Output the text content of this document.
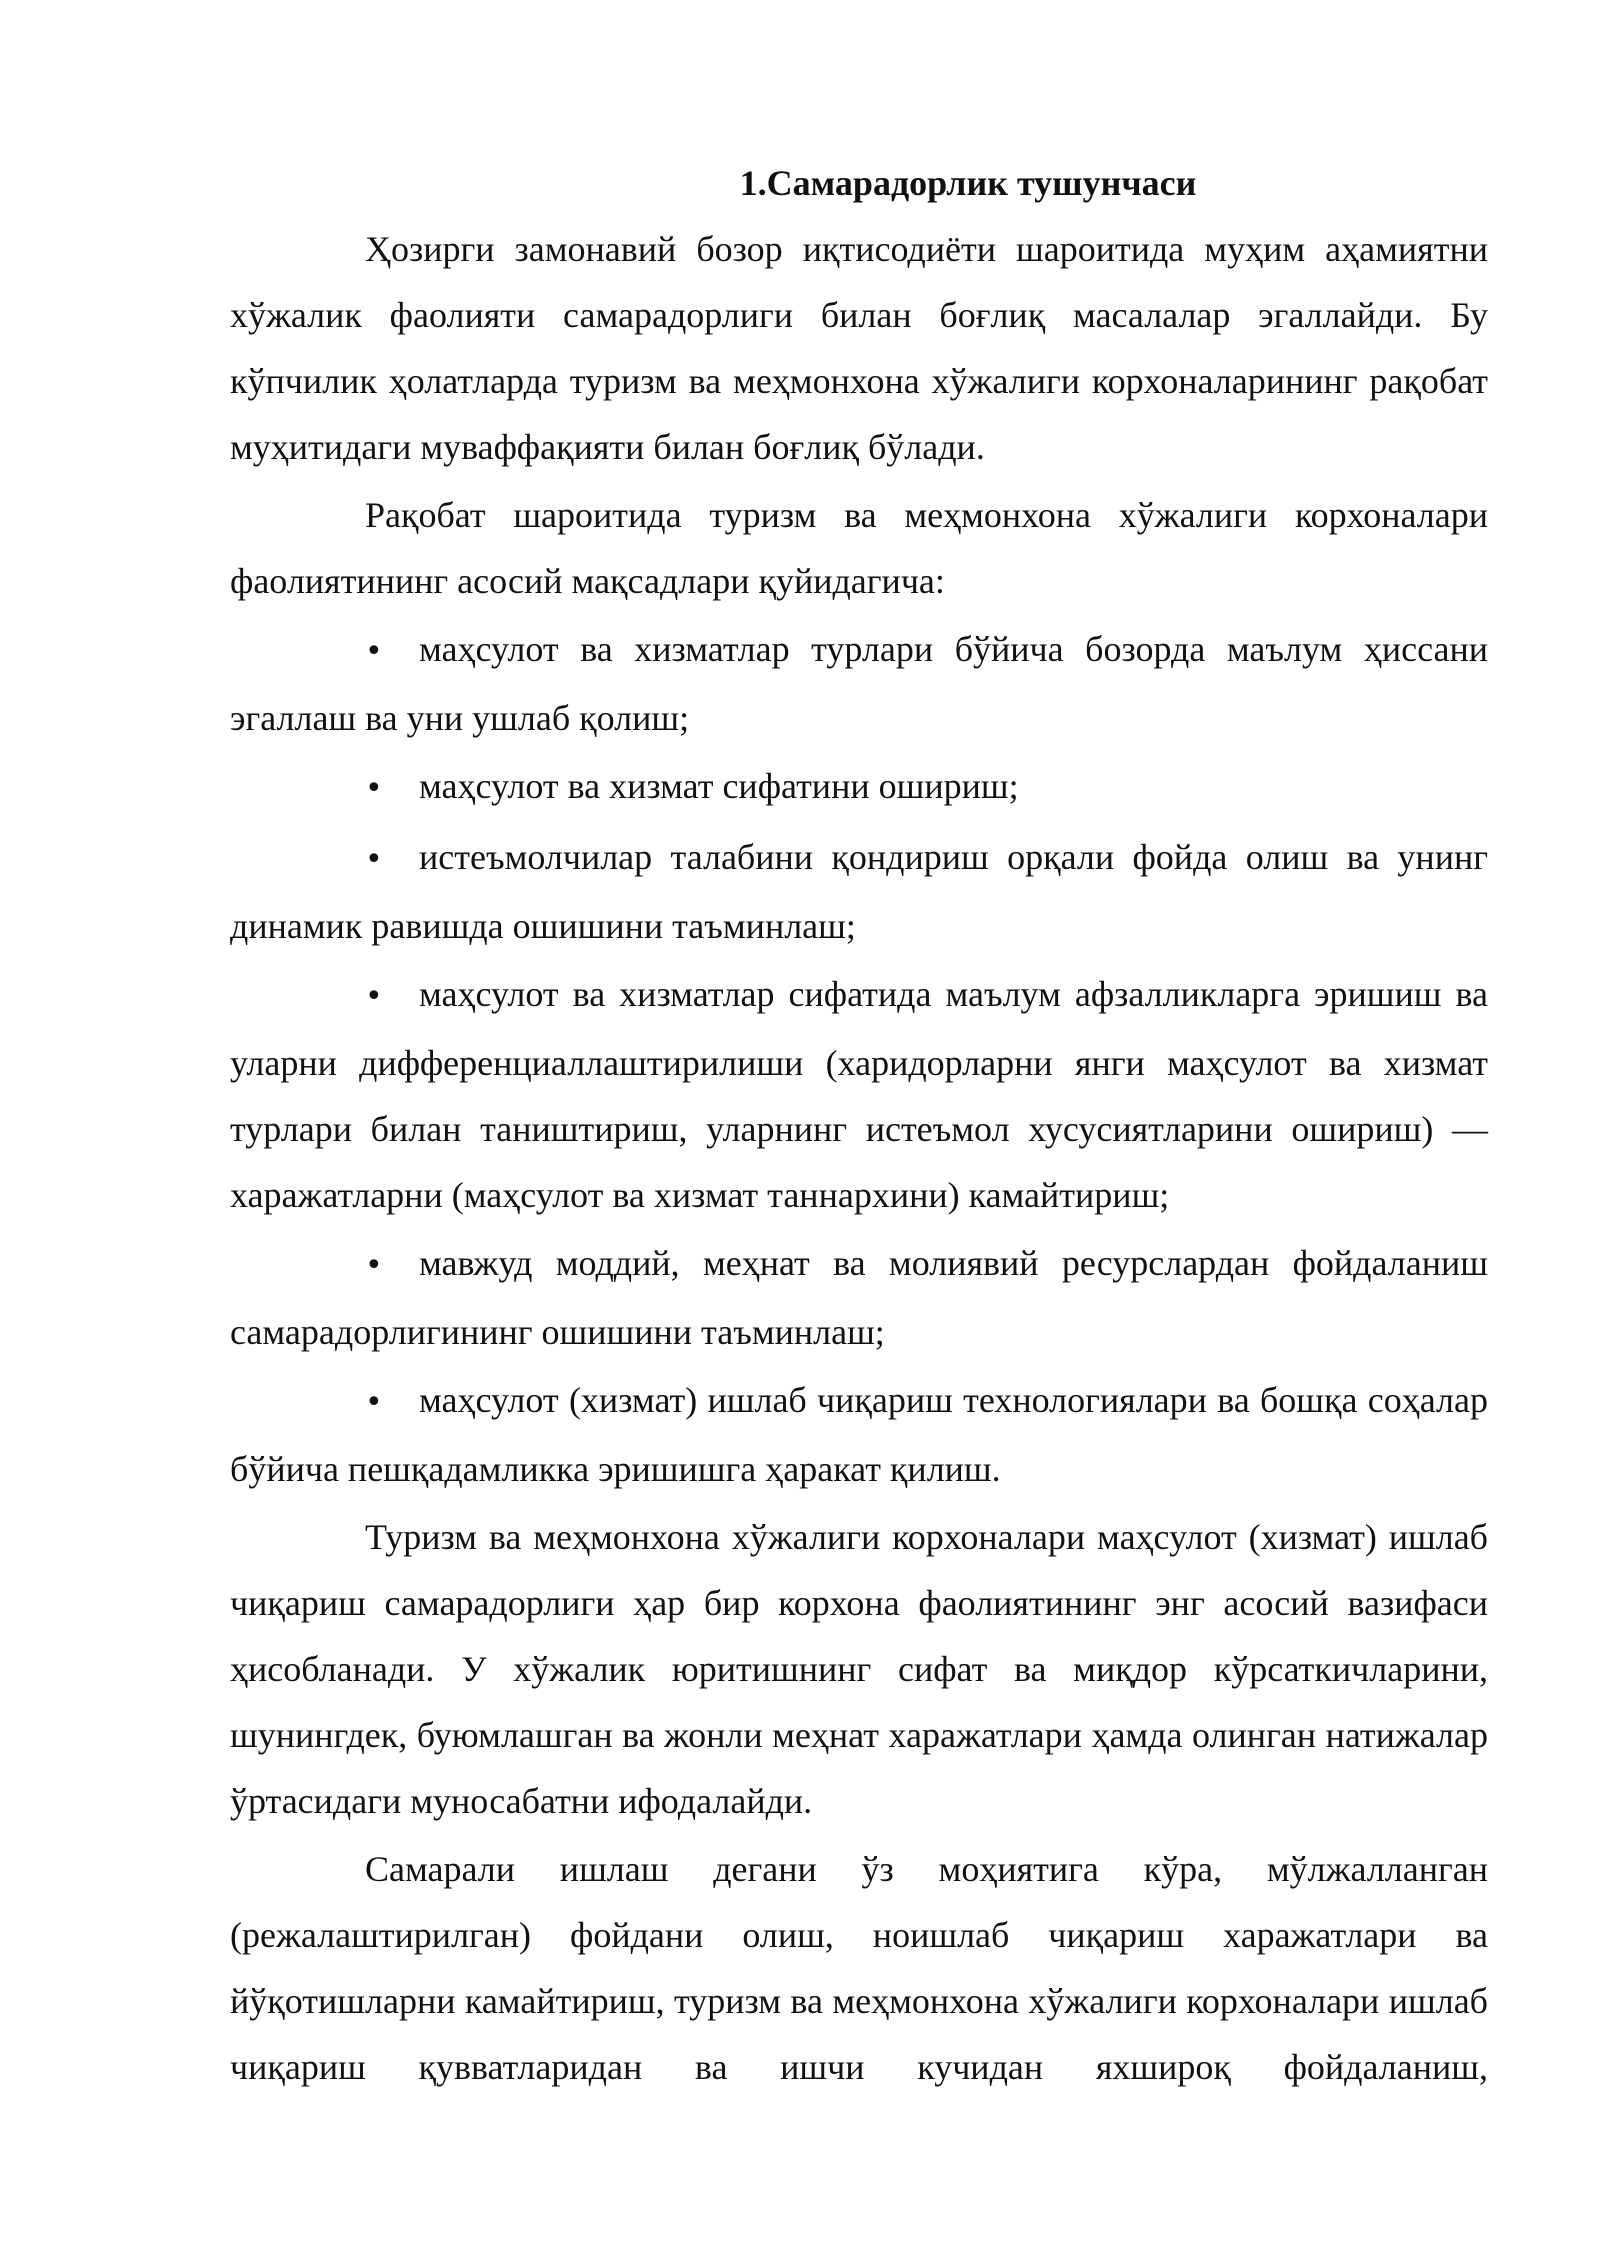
1.Самарадорлик тушунчаси

Ҳозирги замонавий бозор иқтисодиёти шароитида муҳим аҳамиятни хўжалик фаолияти самарадорлиги билан боғлиқ масалалар эгаллайди. Бу кўпчилик ҳолатларда туризм ва меҳмонхона хўжалиги корхоналарининг рақобат муҳитидаги муваффақияти билан боғлиқ бўлади.

Рақобат шароитида туризм ва меҳмонхона хўжалиги корхоналари фаолиятининг асосий мақсадлари қуйидагича:

• маҳсулот ва хизматлар турлари бўйича бозорда маълум ҳиссани эгаллаш ва уни ушлаб қолиш;

• маҳсулот ва хизмат сифатини ошириш;

• истеъмолчилар талабини қондириш орқали фойда олиш ва унинг динамик равишда ошишини таъминлаш;

• маҳсулот ва хизматлар сифатида маълум афзалликларга эришиш ва уларни дифференциаллаштирилиши (харидорларни янги маҳсулот ва хизмат турлари билан таништириш, уларнинг истеъмол хусусиятларини ошириш) —харажатларни (маҳсулот ва хизмат таннархини) камайтириш;

• мавжуд моддий, меҳнат ва молиявий ресурслардан фойдаланиш самарадорлигининг ошишини таъминлаш;

• маҳсулот (хизмат) ишлаб чиқариш технологиялари ва бошқа соҳалар бўйича пешқадамликка эришишга ҳаракат қилиш.

Туризм ва меҳмонхона хўжалиги корхоналари маҳсулот (хизмат) ишлаб чиқариш самарадорлиги ҳар бир корхона фаолиятининг энг асосий вазифаси ҳисобланади. У хўжалик юритишнинг сифат ва миқдор кўрсаткичларини, шунингдек, буюмлашган ва жонли меҳнат харажатлари ҳамда олинган натижалар ўртасидаги муносабатни ифодалайди.

Самарали ишлаш дегани ўз моҳиятига кўра, мўлжалланган (режалаштирилган) фойдани олиш, ноишлаб чиқариш харажатлари ва йўқотишларни камайтириш, туризм ва меҳмонхона хўжалиги корхоналари ишлаб чиқариш қувватларидан ва ишчи кучидан яхшироқ фойдаланиш,
